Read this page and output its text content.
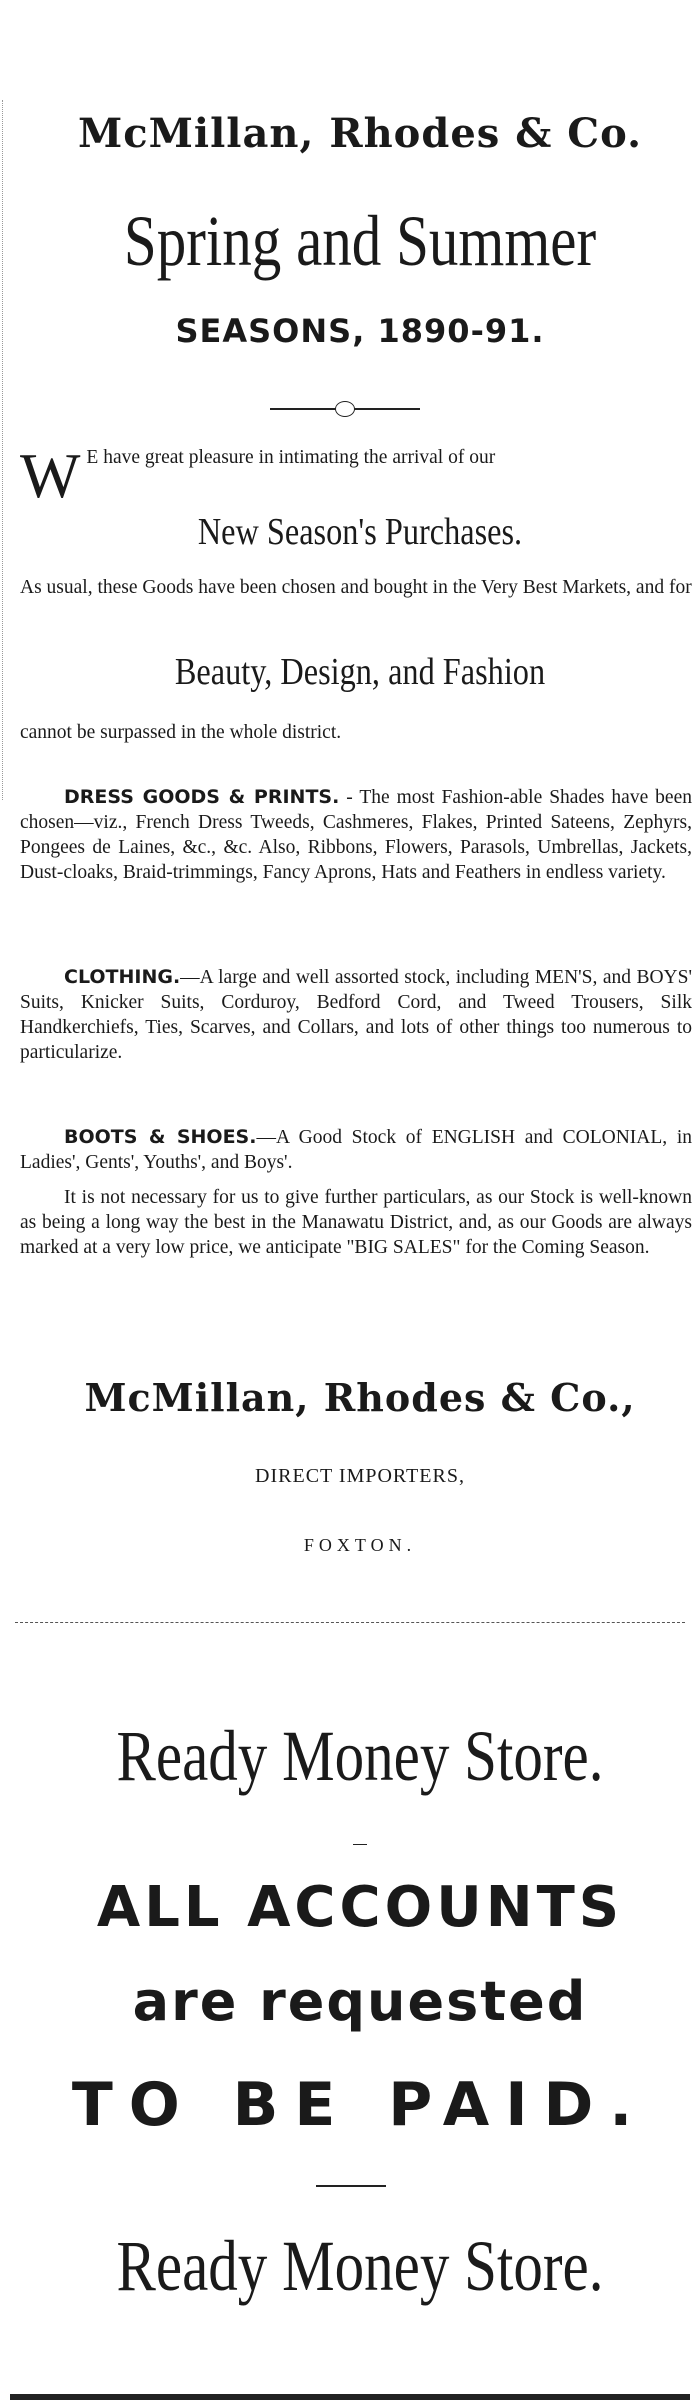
McMillan, Rhodes & Co.
Spring and Summer
SEASONS, 1890-91.
W E have great pleasure in intimating the arrival of our
New Season's Purchases.
As usual, these Goods have been chosen and bought in the Very Best Markets, and for
Beauty, Design, and Fashion
cannot be surpassed in the whole district.

DRESS GOODS & PRINTS. - The most Fashion-able Shades have been chosen—viz., French Dress Tweeds, Cashmeres, Flakes, Printed Sateens, Zephyrs, Pongees de Laines, &c., &c. Also, Ribbons, Flowers, Parasols, Umbrellas, Jackets, Dust-cloaks, Braid-trimmings, Fancy Aprons, Hats and Feathers in endless variety.

CLOTHING.—A large and well assorted stock, including MEN'S, and BOYS' Suits, Knicker Suits, Corduroy, Bedford Cord, and Tweed Trousers, Silk Handkerchiefs, Ties, Scarves, and Collars, and lots of other things too numerous to particularize.

BOOTS & SHOES.—A Good Stock of ENGLISH and COLONIAL, in Ladies', Gents', Youths', and Boys'.

It is not necessary for us to give further particulars, as our Stock is well-known as being a long way the best in the Manawatu District, and, as our Goods are always marked at a very low price, we anticipate "BIG SALES" for the Coming Season.

McMillan, Rhodes & Co.,
DIRECT IMPORTERS,
FOXTON.
Ready Money Store.
ALL ACCOUNTS
are requested
TO BE PAID.
Ready Money Store.
